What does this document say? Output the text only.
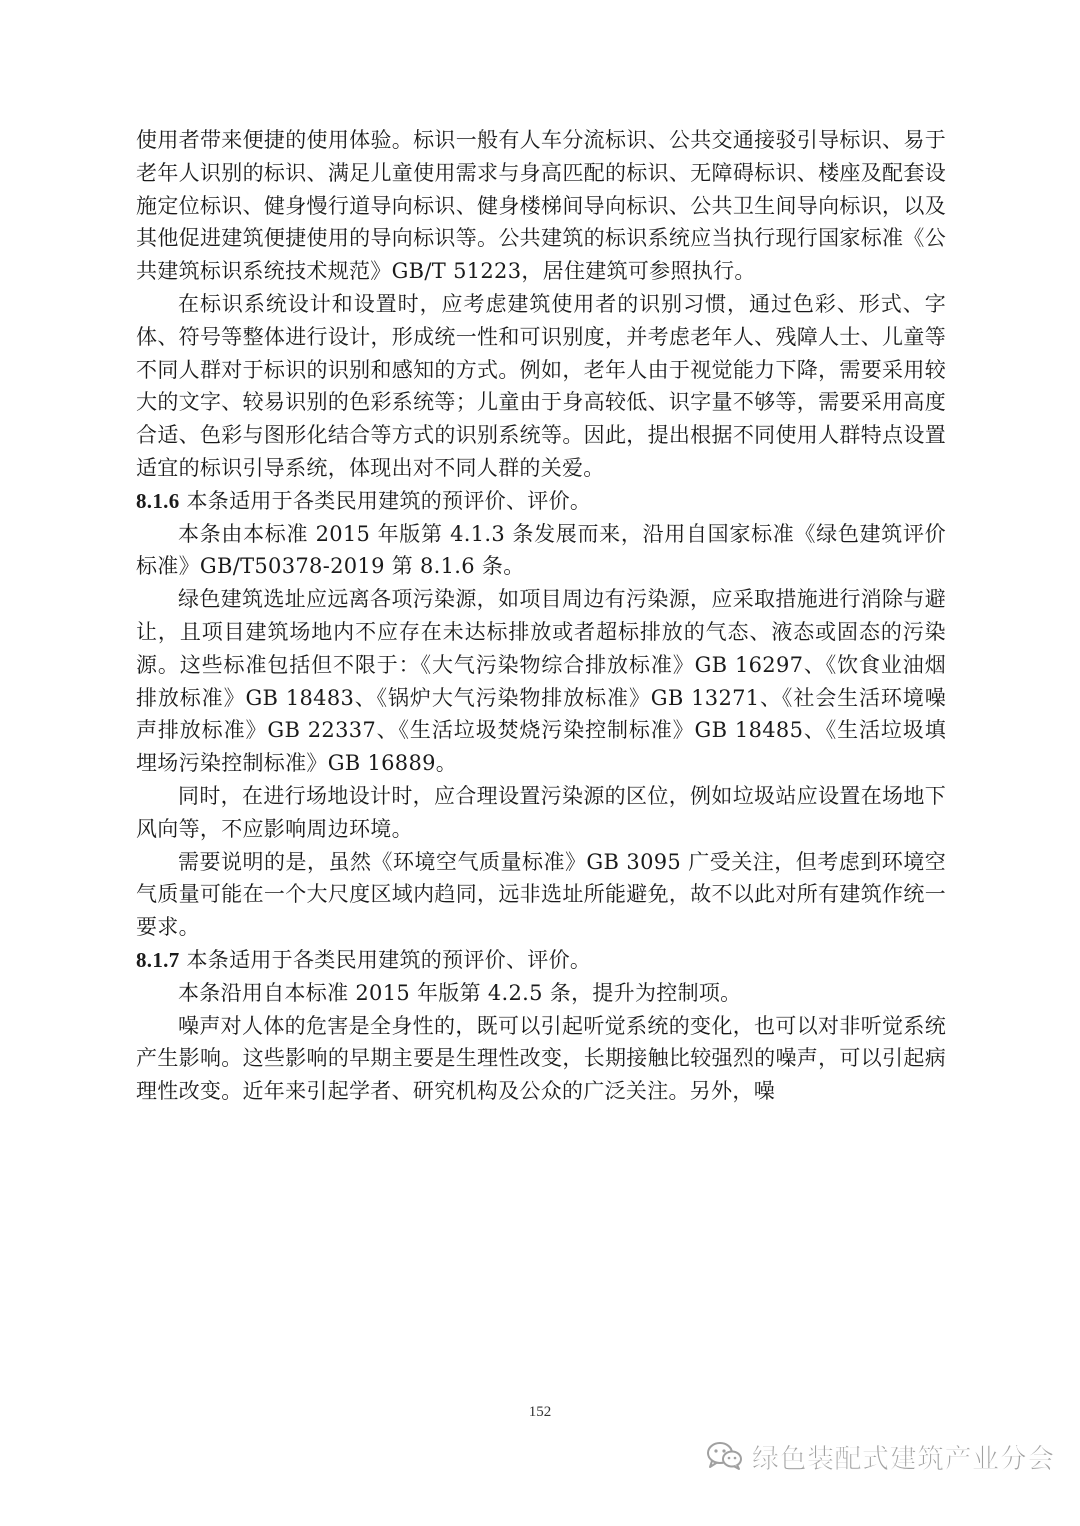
使用者带来便捷的使用体验。标识一般有人车分流标识、公共交通接驳引导标识、易于老年人识别的标识、满足儿童使用需求与身高匹配的标识、无障碍标识、楼座及配套设施定位标识、健身慢行道导向标识、健身楼梯间导向标识、公共卫生间导向标识，以及其他促进建筑便捷使用的导向标识等。公共建筑的标识系统应当执行现行国家标准《公共建筑标识系统技术规范》GB/T 51223，居住建筑可参照执行。

在标识系统设计和设置时，应考虑建筑使用者的识别习惯，通过色彩、形式、字体、符号等整体进行设计，形成统一性和可识别度，并考虑老年人、残障人士、儿童等不同人群对于标识的识别和感知的方式。例如，老年人由于视觉能力下降，需要采用较大的文字、较易识别的色彩系统等；儿童由于身高较低、识字量不够等，需要采用高度合适、色彩与图形化结合等方式的识别系统等。因此，提出根据不同使用人群特点设置适宜的标识引导系统，体现出对不同人群的关爱。

8.1.6 本条适用于各类民用建筑的预评价、评价。

本条由本标准 2015 年版第 4.1.3 条发展而来，沿用自国家标准《绿色建筑评价标准》GB/T50378-2019 第 8.1.6 条。

绿色建筑选址应远离各项污染源，如项目周边有污染源，应采取措施进行消除与避让，且项目建筑场地内不应存在未达标排放或者超标排放的气态、液态或固态的污染源。这些标准包括但不限于：《大气污染物综合排放标准》GB 16297、《饮食业油烟排放标准》GB 18483、《锅炉大气污染物排放标准》GB 13271、《社会生活环境噪声排放标准》GB 22337、《生活垃圾焚烧污染控制标准》GB 18485、《生活垃圾填埋场污染控制标准》GB 16889。

同时，在进行场地设计时，应合理设置污染源的区位，例如垃圾站应设置在场地下风向等，不应影响周边环境。

需要说明的是，虽然《环境空气质量标准》GB 3095 广受关注，但考虑到环境空气质量可能在一个大尺度区域内趋同，远非选址所能避免，故不以此对所有建筑作统一要求。

8.1.7 本条适用于各类民用建筑的预评价、评价。

本条沿用自本标准 2015 年版第 4.2.5 条，提升为控制项。

噪声对人体的危害是全身性的，既可以引起听觉系统的变化，也可以对非听觉系统产生影响。这些影响的早期主要是生理性改变，长期接触比较强烈的噪声，可以引起病理性改变。近年来引起学者、研究机构及公众的广泛关注。另外，噪

152
绿色装配式建筑产业分会
